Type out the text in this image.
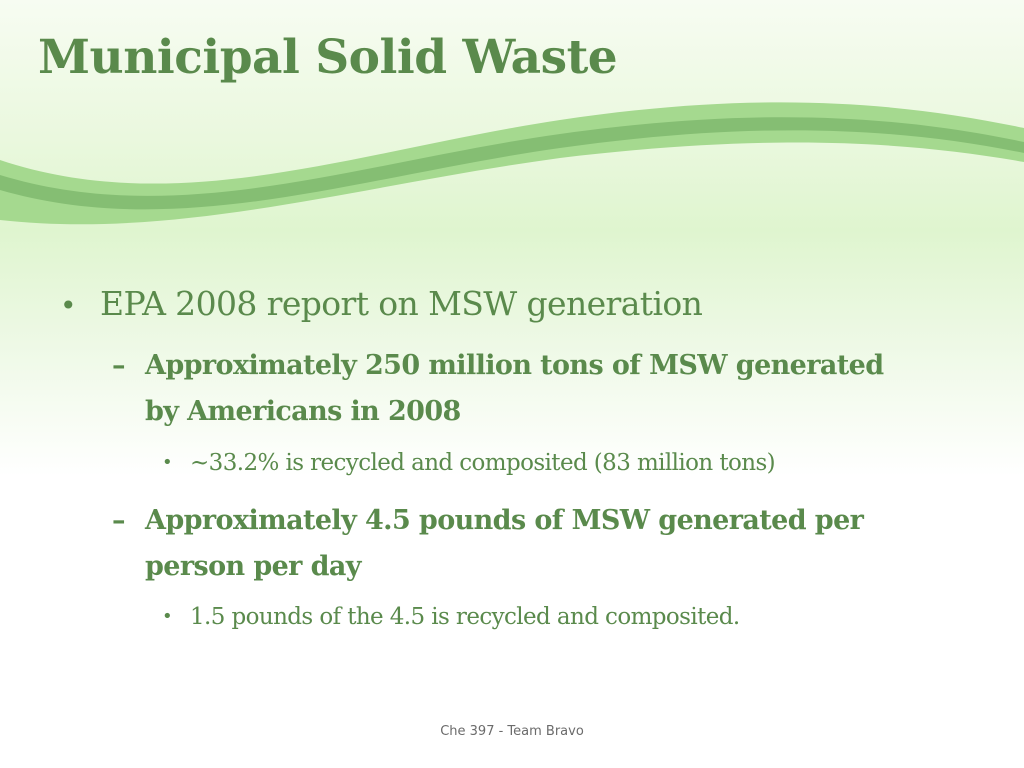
Municipal Solid Waste
• EPA 2008 report on MSW generation
– Approximately 250 million tons of MSW generated by Americans in 2008
• ~33.2% is recycled and composited (83 million tons)
– Approximately 4.5 pounds of MSW generated per person per day
• 1.5 pounds of the 4.5 is recycled and composited.
Che 397 - Team Bravo
